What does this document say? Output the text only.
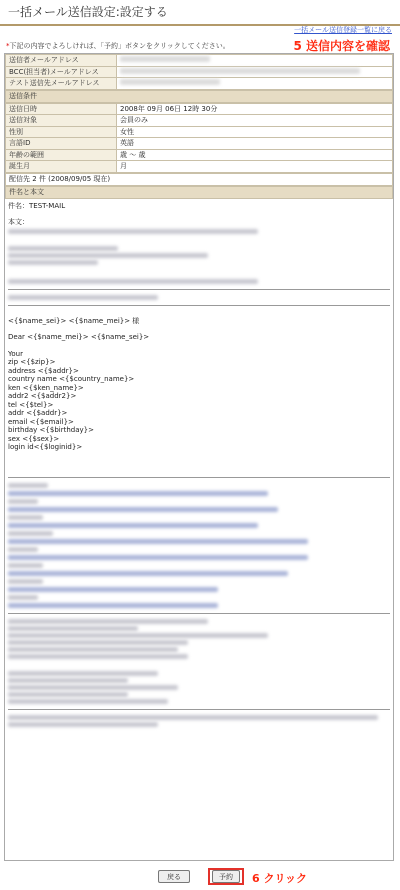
一括メール送信設定:設定する
一括メール送信登録一覧に戻る
5 送信内容を確認
*下記の内容でよろしければ、「予約」ボタンをクリックしてください。
送信者メールアドレス	
BCC(担当者)メールアドレス	
テスト送信先メールアドレス	
送信条件
送信日時	2008年 09月 06日 12時 30分
送信対象	会員のみ
性別	女性
言語ID	英語
年齢の範囲	歳 ～ 歳
誕生月	月
配信先 2 件 (2008/09/05 現在)
件名と本文
件名：TEST-MAIL
本文：
<{$name_sei}> <{$name_mei}> 様
Dear <{$name_mei}> <{$name_sei}>
Your
zip <{$zip}>
address <{$addr}>
country name <{$country_name}>
ken <{$ken_name}>
addr2 <{$addr2}>
tel <{$tel}>
addr <{$addr}>
email <{$email}>
birthday <{$birthday}>
sex <{$sex}>
login id<{$loginid}>
戻る	予約	6 クリック
